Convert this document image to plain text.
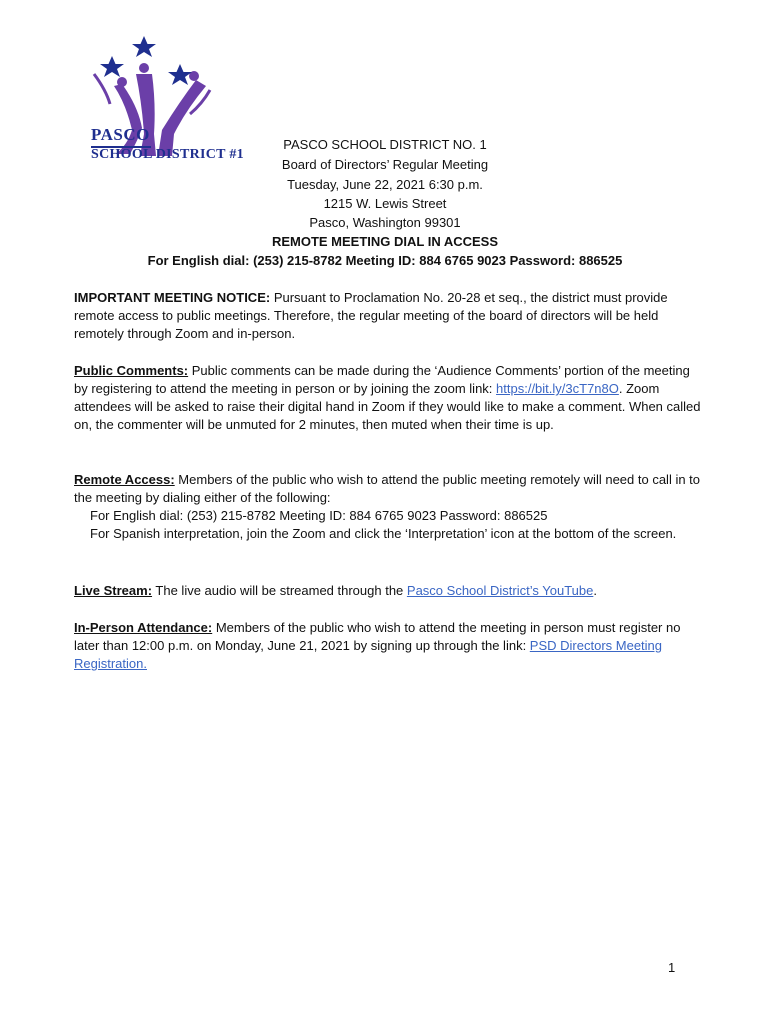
PASCO
SCHOOL DISTRICT #1
PASCO SCHOOL DISTRICT NO. 1
Board of Directors’ Regular Meeting
Tuesday, June 22, 2021 6:30 p.m.
1215 W. Lewis Street
Pasco, Washington 99301
REMOTE MEETING DIAL IN ACCESS
For English dial: (253) 215-8782 Meeting ID: 884 6765 9023 Password: 886525
IMPORTANT MEETING NOTICE: Pursuant to Proclamation No. 20-28 et seq., the district must provide remote access to public meetings. Therefore, the regular meeting of the board of directors will be held remotely through Zoom and in-person.
Public Comments: Public comments can be made during the ‘Audience Comments’ portion of the meeting by registering to attend the meeting in person or by joining the zoom link: https://bit.ly/3cT7n8O. Zoom attendees will be asked to raise their digital hand in Zoom if they would like to make a comment. When called on, the commenter will be unmuted for 2 minutes, then muted when their time is up.
Remote Access: Members of the public who wish to attend the public meeting remotely will need to call in to the meeting by dialing either of the following:
For English dial: (253) 215-8782 Meeting ID: 884 6765 9023 Password: 886525
For Spanish interpretation, join the Zoom and click the ‘Interpretation’ icon at the bottom of the screen.
Live Stream: The live audio will be streamed through the Pasco School District’s YouTube.
In-Person Attendance: Members of the public who wish to attend the meeting in person must register no later than 12:00 p.m. on Monday, June 21, 2021 by signing up through the link: PSD Directors Meeting Registration.
1
